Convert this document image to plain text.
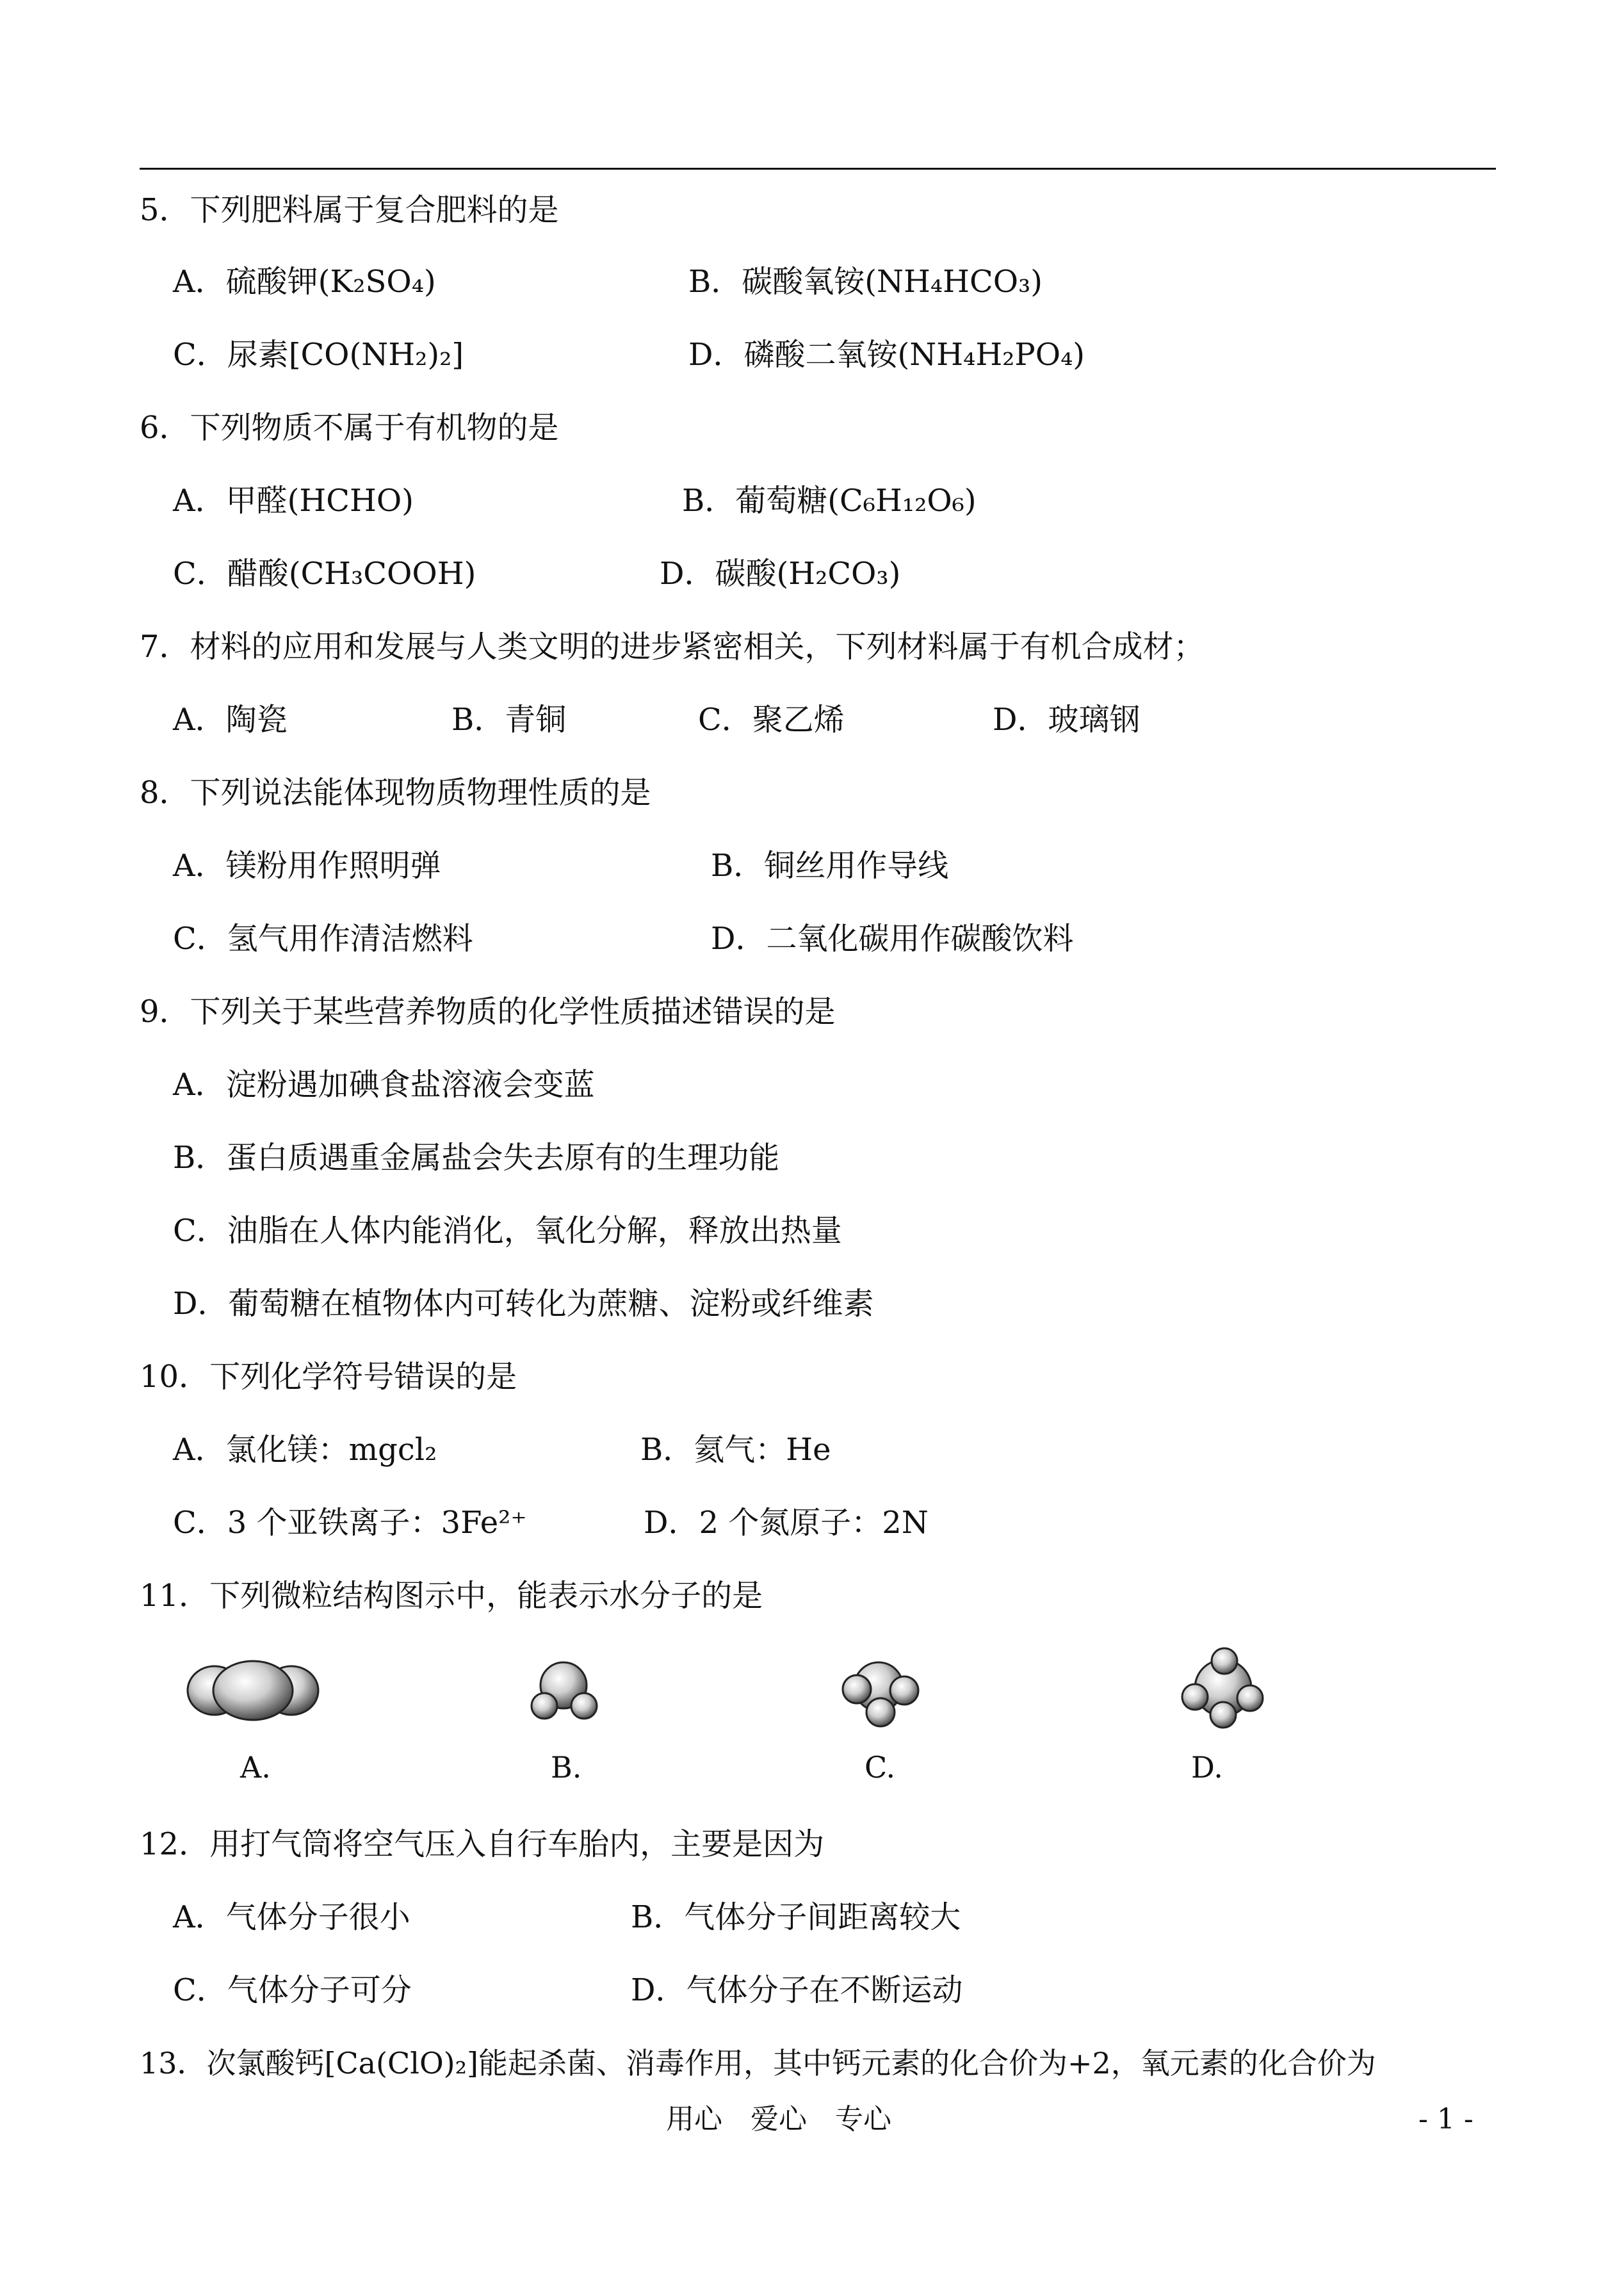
5．下列肥料属于复合肥料的是
A．硫酸钾(K₂SO₄)	B．碳酸氧铵(NH₄HCO₃)
C．尿素[CO(NH₂)₂]	D．磷酸二氧铵(NH₄H₂PO₄)
6．下列物质不属于有机物的是
A．甲醛(HCHO)	B．葡萄糖(C₆H₁₂O₆)
C．醋酸(CH₃COOH)	D．碳酸(H₂CO₃)
7．材料的应用和发展与人类文明的进步紧密相关，下列材料属于有机合成材；
A．陶瓷	B．青铜	C．聚乙烯	D．玻璃钢
8．下列说法能体现物质物理性质的是
A．镁粉用作照明弹	B．铜丝用作导线
C．氢气用作清洁燃料	D．二氧化碳用作碳酸饮料
9．下列关于某些营养物质的化学性质描述错误的是
A．淀粉遇加碘食盐溶液会变蓝
B．蛋白质遇重金属盐会失去原有的生理功能
C．油脂在人体内能消化，氧化分解，释放出热量
D．葡萄糖在植物体内可转化为蔗糖、淀粉或纤维素
10．下列化学符号错误的是
A．氯化镁：mgcl₂	B．氦气：He
C．3 个亚铁离子：3Fe²⁺	D．2 个氮原子：2N
11．下列微粒结构图示中，能表示水分子的是
A.	B.	C.	D.
12．用打气筒将空气压入自行车胎内，主要是因为
A．气体分子很小	B．气体分子间距离较大
C．气体分子可分	D．气体分子在不断运动
13．次氯酸钙[Ca(ClO)₂]能起杀菌、消毒作用，其中钙元素的化合价为+2，氧元素的化合价为
用心　爱心　专心	- 1 -
